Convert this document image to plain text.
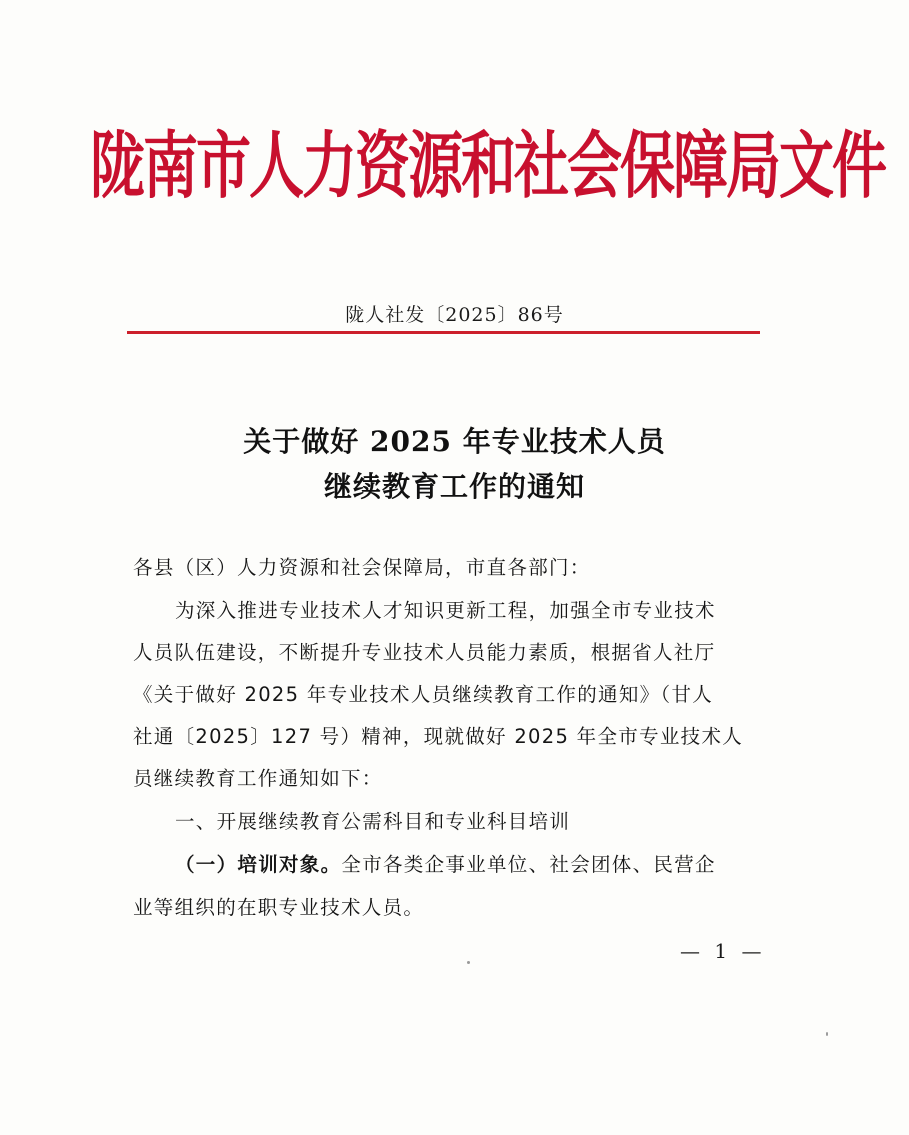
陇南市人力资源和社会保障局文件
陇人社发〔2025〕86号
关于做好 2025 年专业技术人员
继续教育工作的通知
各县（区）人力资源和社会保障局，市直各部门：
为深入推进专业技术人才知识更新工程，加强全市专业技术
人员队伍建设，不断提升专业技术人员能力素质，根据省人社厅
《关于做好 2025 年专业技术人员继续教育工作的通知》（甘人
社通〔2025〕127 号）精神，现就做好 2025 年全市专业技术人
员继续教育工作通知如下：
一、开展继续教育公需科目和专业科目培训
（一）培训对象。全市各类企事业单位、社会团体、民营企
业等组织的在职专业技术人员。
— 1 —
